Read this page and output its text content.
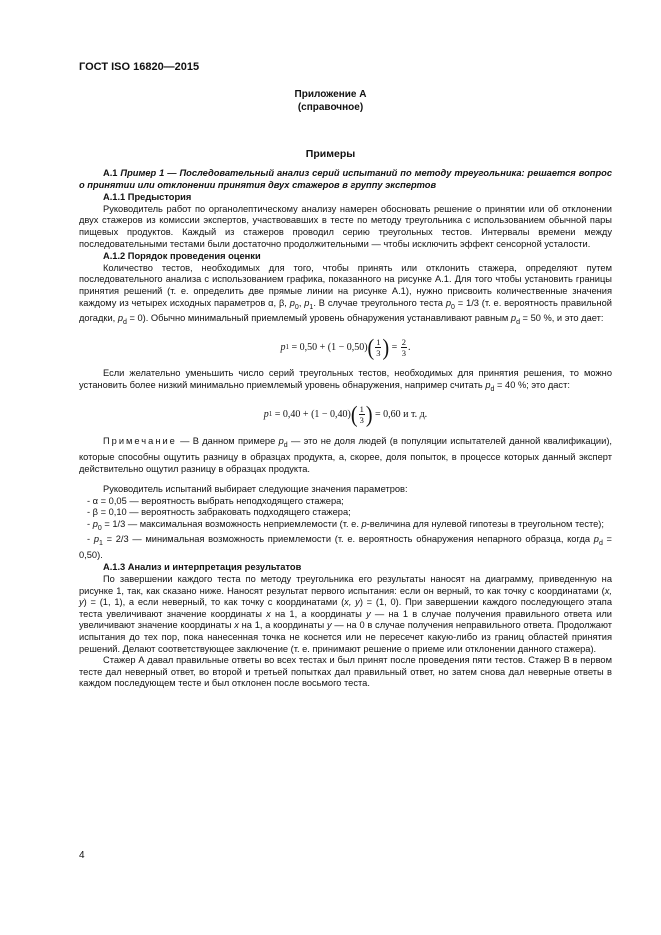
ГОСТ ISO 16820—2015
Приложение А
(справочное)
Примеры

А.1 Пример 1 — Последовательный анализ серий испытаний по методу треугольника: решается вопрос о принятии или отклонении принятия двух стажеров в группу экспертов

А.1.1 Предыстория

Руководитель работ по органолептическому анализу намерен обосновать решение о принятии или об отклонении двух стажеров из комиссии экспертов, участвовавших в тесте по методу треугольника с использованием обычной пары пищевых продуктов. Каждый из стажеров проводил серию треугольных тестов. Интервалы времени между последовательными тестами были достаточно продолжительными — чтобы исключить эффект сенсорной усталости.

А.1.2 Порядок проведения оценки

Количество тестов, необходимых для того, чтобы принять или отклонить стажера, определяют путем последовательного анализа с использованием графика, показанного на рисунке А.1. Для того чтобы установить границы принятия решений (т. е. определить две прямые линии на рисунке А.1), нужно присвоить количественные значения каждому из четырех исходных параметров α, β, $p_0$, $p_1$. В случае треугольного теста $p_0 = 1/3$ (т. е. вероятность правильной догадки, $p_d = 0$). Обычно минимальный приемлемый уровень обнаружения устанавливают равным $p_d = 50$ %, и это дает:

p 1
= 0,50 + (1 − 0,50) ( $\frac{1}{3}$ )
=
$\frac{2}{3}$ .

Если желательно уменьшить число серий треугольных тестов, необходимых для принятия решения, то можно установить более низкий минимально приемлемый уровень обнаружения, например считать $p_d = 40$ %; это даст:

p 1
= 0,40 + (1 − 0,40) ( $\frac{1}{3}$ )
= 0,60 и т. д.

Примечание — В данном примере $p_d$ — это не доля людей (в популяции испытателей данной квалификации), которые способны ощутить разницу в образцах продукта, а, скорее, доля попыток, в процессе которых данный эксперт действительно ощутил разницу в образцах продукта.

Руководитель испытаний выбирает следующие значения параметров:

- α = 0,05 — вероятность выбрать неподходящего стажера;

- β = 0,10 — вероятность забраковать подходящего стажера;

- $p_0 = 1/3$ — максимальная возможность неприемлемости (т. е. p-величина для нулевой гипотезы в треугольном тесте);

- $p_1 = 2/3$ — минимальная возможность приемлемости (т. е. вероятность обнаружения непарного образца, когда $p_d = 0,50$).

А.1.3 Анализ и интерпретация результатов

По завершении каждого теста по методу треугольника его результаты наносят на диаграмму, приведенную на рисунке 1, так, как сказано ниже. Наносят результат первого испытания: если он верный, то как точку с координатами (x, y) = (1, 1), а если неверный, то как точку с координатами (x, y) = (1, 0). При завершении каждого последующего этапа теста увеличивают значение координаты x на 1, а координаты y — на 1 в случае получения правильного ответа или увеличивают значение координаты x на 1, а координаты y — на 0 в случае получения неправильного ответа. Продолжают испытания до тех пор, пока нанесенная точка не коснется или не пересечет какую-либо из границ областей принятия решений. Делают соответствующее заключение (т. е. принимают решение о приеме или отклонении данного стажера).

Стажер А давал правильные ответы во всех тестах и был принят после проведения пяти тестов. Стажер В в первом тесте дал неверный ответ, во второй и третьей попытках дал правильный ответ, но затем снова дал неверные ответы в каждом последующем тесте и был отклонен после восьмого теста.

4
